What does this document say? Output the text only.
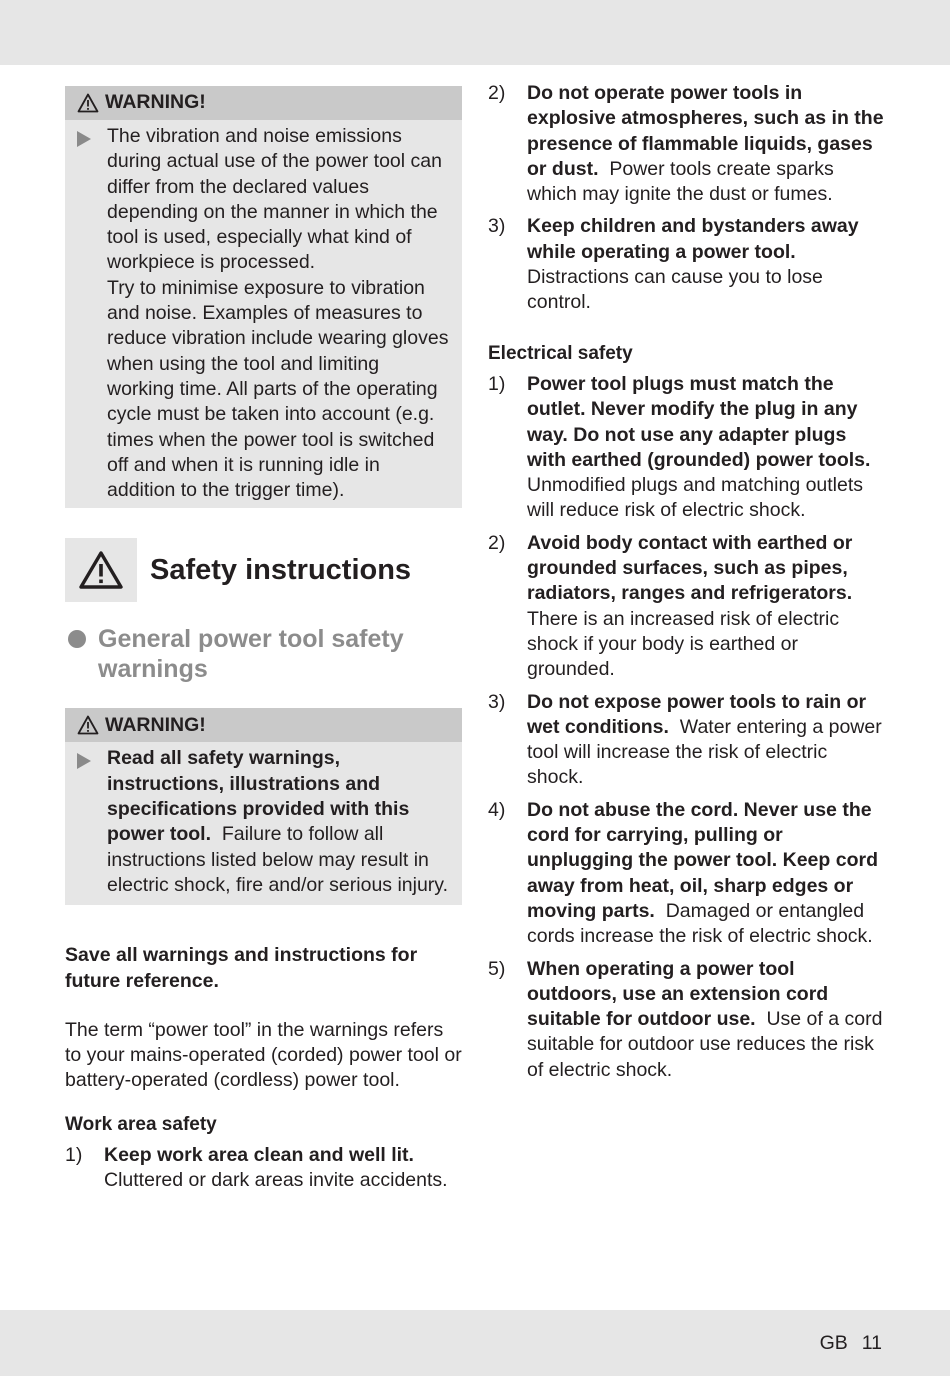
WARNING!

The vibration and noise emissions during actual use of the power tool can differ from the declared values depending on the manner in which the tool is used, especially what kind of workpiece is processed.

Try to minimise exposure to vibration and noise. Examples of measures to reduce vibration include wearing gloves when using the tool and limiting working time. All parts of the operating cycle must be taken into account (e.g. times when the power tool is switched off and when it is running idle in addition to the trigger time).

Safety instructions
General power tool safety warnings
WARNING!

Read all safety warnings, instructions, illustrations and specifications provided with this power tool. Failure to follow all instructions listed below may result in electric shock, fire and/or serious injury.

Save all warnings and instructions for future reference.

The term “power tool” in the warnings refers to your mains-operated (corded) power tool or battery-operated (cordless) power tool.

Work area safety

1)	Keep work area clean and well lit.  Cluttered or dark areas invite accidents.
2)	Do not operate power tools in explosive atmospheres, such as in the presence of flammable liquids, gases or dust. Power tools create sparks which may ignite the dust or fumes.
3)	Keep children and bystanders away while operating a power tool.  Distractions can cause you to lose control.

Electrical safety

1)	Power tool plugs must match the outlet. Never modify the plug in any way. Do not use any adapter plugs with earthed (grounded) power tools.  Unmodified plugs and matching outlets will reduce risk of electric shock.
2)	Avoid body contact with earthed or grounded surfaces, such as pipes, radiators, ranges and refrigerators.  There is an increased risk of electric shock if your body is earthed or grounded.
3)	Do not expose power tools to rain or wet conditions. Water entering a power tool will increase the risk of electric shock.
4)	Do not abuse the cord. Never use the cord for carrying, pulling or unplugging the power tool. Keep cord away from heat, oil, sharp edges or moving parts. Damaged or entangled cords increase the risk of electric shock.
5)	When operating a power tool outdoors, use an extension cord suitable for outdoor use. Use of a cord suitable for outdoor use reduces the risk of electric shock.
GB 11
